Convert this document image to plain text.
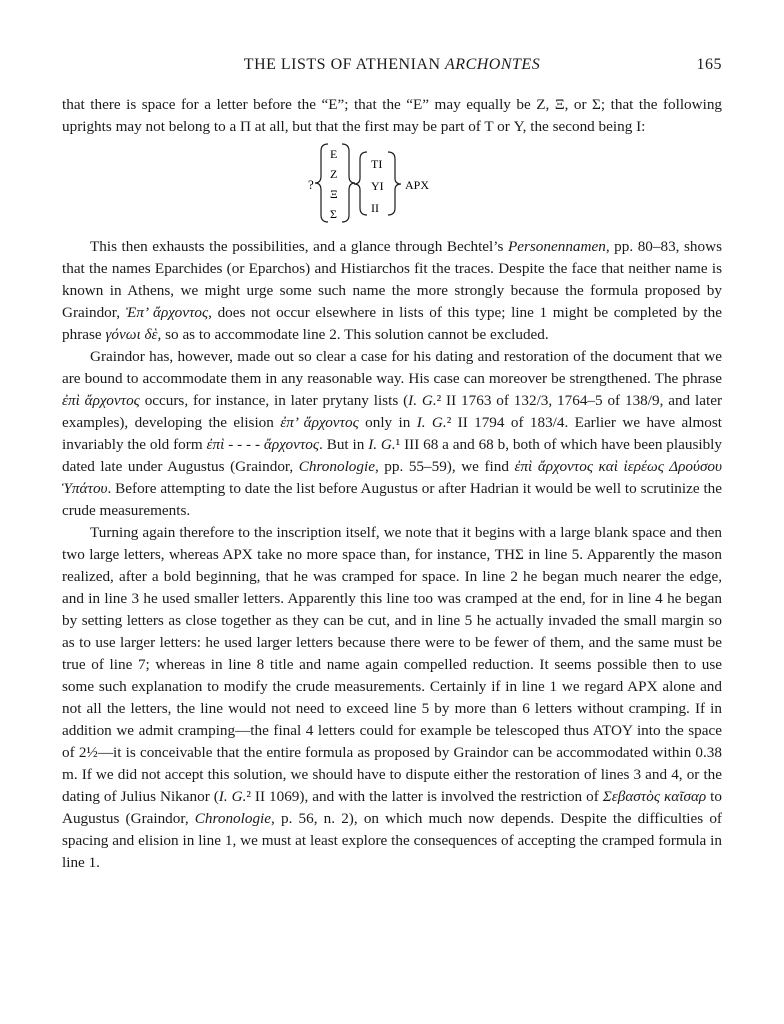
THE LISTS OF ATHENIAN ARCHONTES	165

that there is space for a letter before the “E”; that the “E” may equally be Z, Ξ, or Σ; that the following uprights may not belong to a Π at all, but that the first may be part of T or Υ, the second being I:

?
E
Z
Ξ
Σ
TI
ΥI
II
APX

This then exhausts the possibilities, and a glance through Bechtel’s Personennamen, pp. 80–83, shows that the names Eparchides (or Eparchos) and Histiarchos fit the traces. Despite the face that neither name is known in Athens, we might urge some such name the more strongly because the formula proposed by Graindor, Ἐπ’ ἄρχοντος, does not occur elsewhere in lists of this type; line 1 might be completed by the phrase γόνωι δὲ, so as to accommodate line 2. This solution cannot be excluded.

Graindor has, however, made out so clear a case for his dating and restoration of the document that we are bound to accommodate them in any reasonable way. His case can moreover be strengthened. The phrase ἐπὶ ἄρχοντος occurs, for instance, in later prytany lists (I. G.² II 1763 of 132/3, 1764–5 of 138/9, and later examples), developing the elision ἐπ’ ἄρχοντος only in I. G.² II 1794 of 183/4. Earlier we have almost invariably the old form ἐπὶ - - - - ἄρχοντος. But in I. G.¹ III 68 a and 68 b, both of which have been plausibly dated late under Augustus (Graindor, Chronologie, pp. 55–59), we find ἐπὶ ἄρχοντος καὶ ἱερέως Δρούσου Ὑπάτου. Before attempting to date the list before Augustus or after Hadrian it would be well to scrutinize the crude measurements.

Turning again therefore to the inscription itself, we note that it begins with a large blank space and then two large letters, whereas APX take no more space than, for instance, ΤΗΣ in line 5. Apparently the mason realized, after a bold beginning, that he was cramped for space. In line 2 he began much nearer the edge, and in line 3 he used smaller letters. Apparently this line too was cramped at the end, for in line 4 he began by setting letters as close together as they can be cut, and in line 5 he actually invaded the small margin so as to use larger letters: he used larger letters because there were to be fewer of them, and the same must be true of line 7; whereas in line 8 title and name again compelled reduction. It seems possible then to use some such explanation to modify the crude measurements. Certainly if in line 1 we regard APX alone and not all the letters, the line would not need to exceed line 5 by more than 6 letters without cramping. If in addition we admit cramping—the final 4 letters could for example be telescoped thus ATOΥ into the space of 2½—it is conceivable that the entire formula as proposed by Graindor can be accommodated within 0.38 m. If we did not accept this solution, we should have to dispute either the restoration of lines 3 and 4, or the dating of Julius Nikanor (I. G.² II 1069), and with the latter is involved the restriction of Σεβαστὸς καῖσαρ to Augustus (Graindor, Chronologie, p. 56, n. 2), on which much now depends. Despite the difficulties of spacing and elision in line 1, we must at least explore the consequences of accepting the cramped formula in line 1.
